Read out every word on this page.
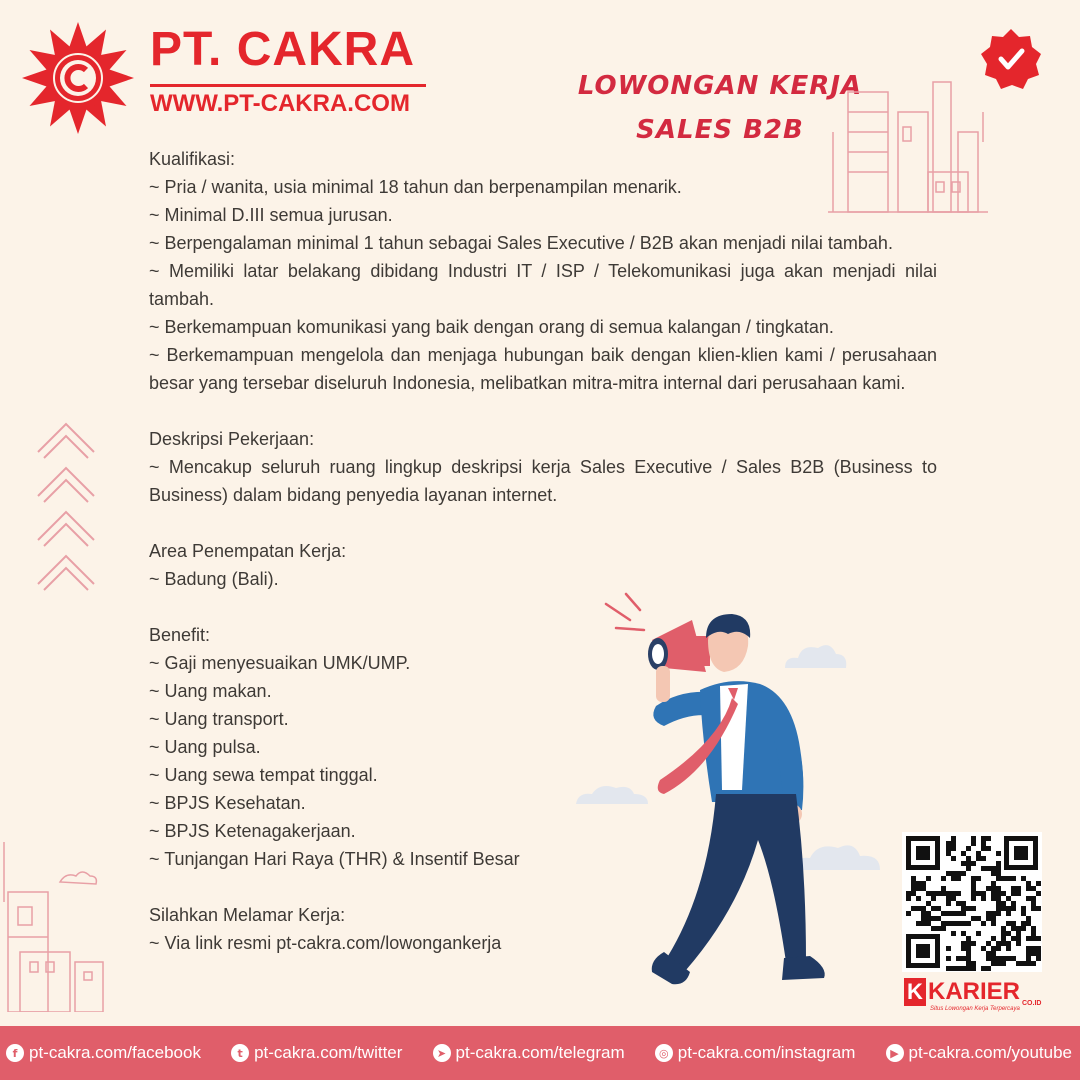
PT. CAKRA
WWW.PT-CAKRA.COM
LOWONGAN KERJA
SALES B2B
Kualifikasi:
~ Pria / wanita, usia minimal 18 tahun dan berpenampilan menarik.
~ Minimal D.III semua jurusan.
~ Berpengalaman minimal 1 tahun sebagai Sales Executive / B2B akan menjadi nilai tambah.
~ Memiliki latar belakang dibidang Industri IT / ISP / Telekomunikasi juga akan menjadi nilai tambah.
~ Berkemampuan komunikasi yang baik dengan orang di semua kalangan / tingkatan.
~ Berkemampuan mengelola dan menjaga hubungan baik dengan klien-klien kami / perusahaan besar yang tersebar diseluruh Indonesia, melibatkan mitra-mitra internal dari perusahaan kami.
Deskripsi Pekerjaan:
~ Mencakup seluruh ruang lingkup deskripsi kerja Sales Executive / Sales B2B (Business to Business) dalam bidang penyedia layanan internet.
Area Penempatan Kerja:
~ Badung (Bali).
Benefit:
~ Gaji menyesuaikan UMK/UMP.
~ Uang makan.
~ Uang transport.
~ Uang pulsa.
~ Uang sewa tempat tinggal.
~ BPJS Kesehatan.
~ BPJS Ketenagakerjaan.
~ Tunjangan Hari Raya (THR) & Insentif Besar
Silahkan Melamar Kerja:
~ Via link resmi pt-cakra.com/lowongankerja
K KARIER
Situs Lowongan Kerja Terpercaya
CO.ID
f pt-cakra.com/facebook	t pt-cakra.com/twitter	➤ pt-cakra.com/telegram	◎ pt-cakra.com/instagram	▶ pt-cakra.com/youtube
